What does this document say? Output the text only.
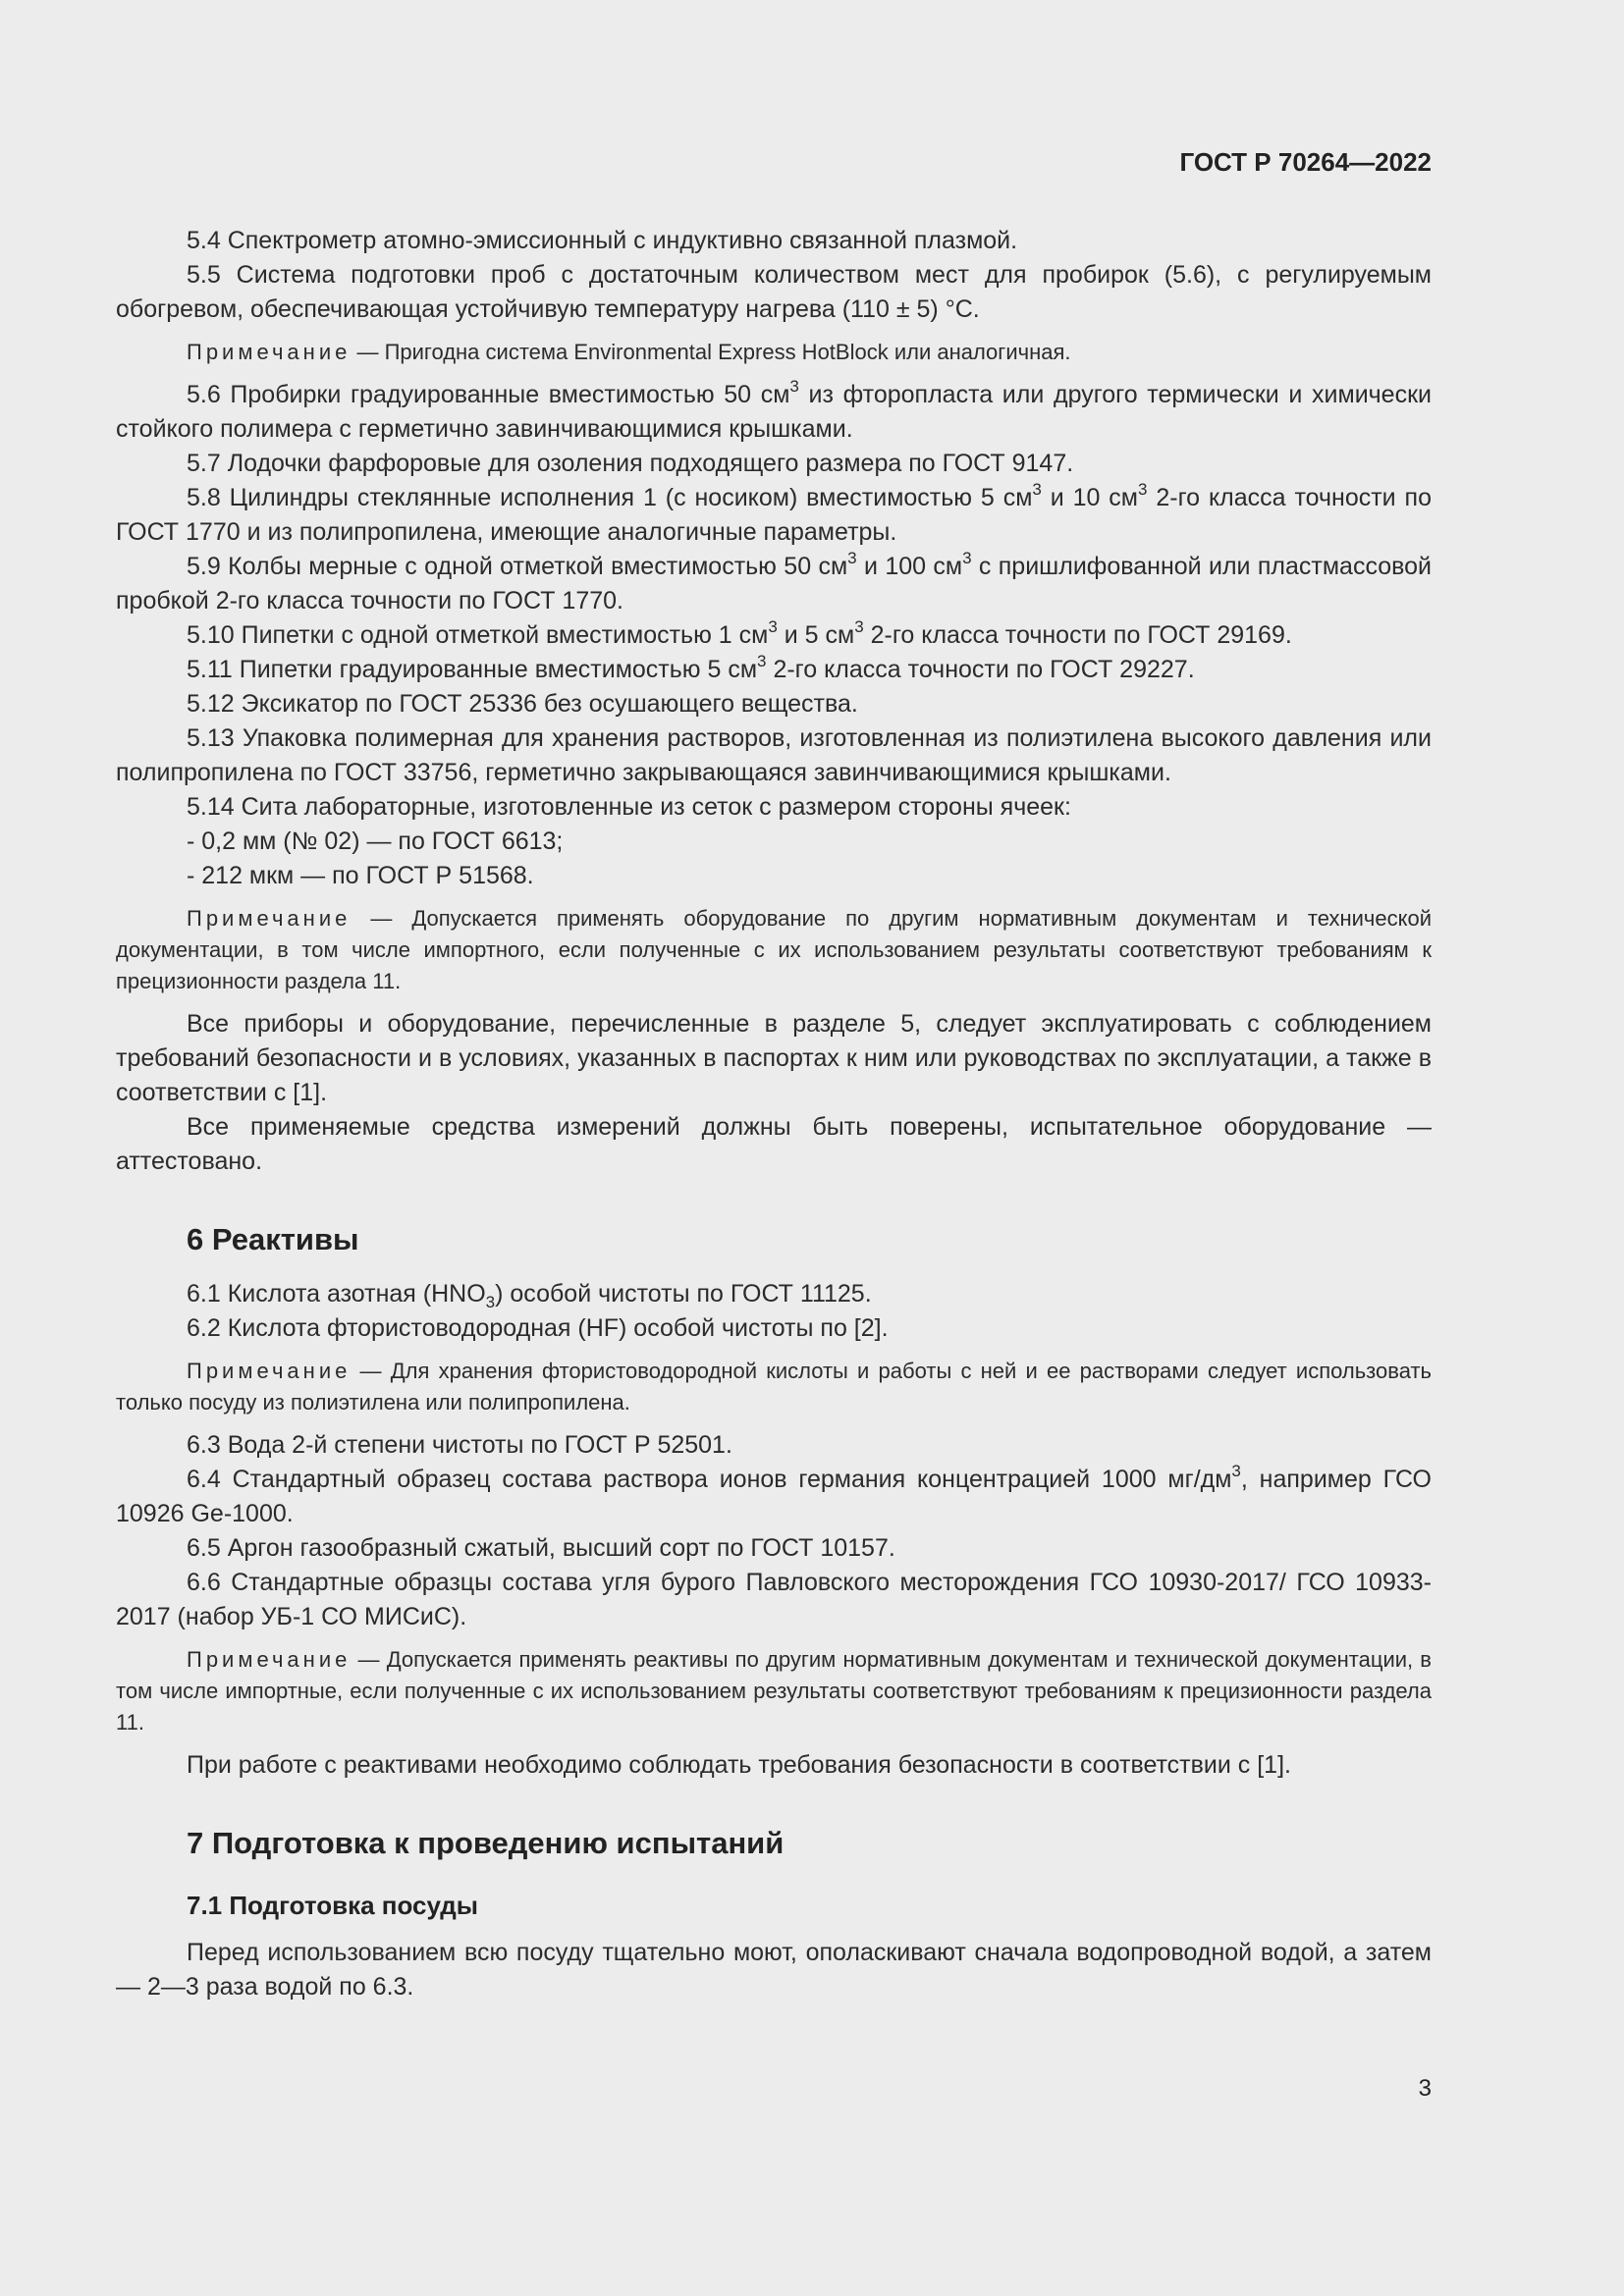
ГОСТ Р 70264—2022

5.4 Спектрометр атомно-эмиссионный с индуктивно связанной плазмой.

5.5 Система подготовки проб с достаточным количеством мест для пробирок (5.6), с регулируемым обогревом, обеспечивающая устойчивую температуру нагрева (110 ± 5) °С.

Примечание — Пригодна система Environmental Express HotBlock или аналогичная.

5.6 Пробирки градуированные вместимостью 50 $см^3$ из фторопласта или другого термически и химически стойкого полимера с герметично завинчивающимися крышками.

5.7 Лодочки фарфоровые для озоления подходящего размера по ГОСТ 9147.

5.8 Цилиндры стеклянные исполнения 1 (с носиком) вместимостью 5 $см^3$ и 10 $см^3$ 2-го класса точности по ГОСТ 1770 и из полипропилена, имеющие аналогичные параметры.

5.9 Колбы мерные с одной отметкой вместимостью 50 $см^3$ и 100 $см^3$ с пришлифованной или пластмассовой пробкой 2-го класса точности по ГОСТ 1770.

5.10 Пипетки с одной отметкой вместимостью 1 $см^3$ и 5 $см^3$ 2-го класса точности по ГОСТ 29169.

5.11 Пипетки градуированные вместимостью 5 $см^3$ 2-го класса точности по ГОСТ 29227.

5.12 Эксикатор по ГОСТ 25336 без осушающего вещества.

5.13 Упаковка полимерная для хранения растворов, изготовленная из полиэтилена высокого давления или полипропилена по ГОСТ 33756, герметично закрывающаяся завинчивающимися крышками.

5.14 Сита лабораторные, изготовленные из сеток с размером стороны ячеек:

- 0,2 мм (№ 02) — по ГОСТ 6613;

- 212 мкм — по ГОСТ Р 51568.

Примечание — Допускается применять оборудование по другим нормативным документам и технической документации, в том числе импортного, если полученные с их использованием результаты соответствуют требованиям к прецизионности раздела 11.

Все приборы и оборудование, перечисленные в разделе 5, следует эксплуатировать с соблюдением требований безопасности и в условиях, указанных в паспортах к ним или руководствах по эксплуатации, а также в соответствии с [1].

Все применяемые средства измерений должны быть поверены, испытательное оборудование — аттестовано.

6 Реактивы

6.1 Кислота азотная $(HNO_3)$ особой чистоты по ГОСТ 11125.

6.2 Кислота фтористоводородная (HF) особой чистоты по [2].

Примечание — Для хранения фтористоводородной кислоты и работы с ней и ее растворами следует использовать только посуду из полиэтилена или полипропилена.

6.3 Вода 2-й степени чистоты по ГОСТ Р 52501.

6.4 Стандартный образец состава раствора ионов германия концентрацией 1000 $мг/дм^3$, например ГСО 10926 Ge-1000.

6.5 Аргон газообразный сжатый, высший сорт по ГОСТ 10157.

6.6 Стандартные образцы состава угля бурого Павловского месторождения ГСО 10930-2017/ ГСО 10933-2017 (набор УБ-1 СО МИСиС).

Примечание — Допускается применять реактивы по другим нормативным документам и технической документации, в том числе импортные, если полученные с их использованием результаты соответствуют требованиям к прецизионности раздела 11.

При работе с реактивами необходимо соблюдать требования безопасности в соответствии с [1].

7 Подготовка к проведению испытаний
7.1 Подготовка посуды

Перед использованием всю посуду тщательно моют, ополаскивают сначала водопроводной водой, а затем — 2—3 раза водой по 6.3.

3
